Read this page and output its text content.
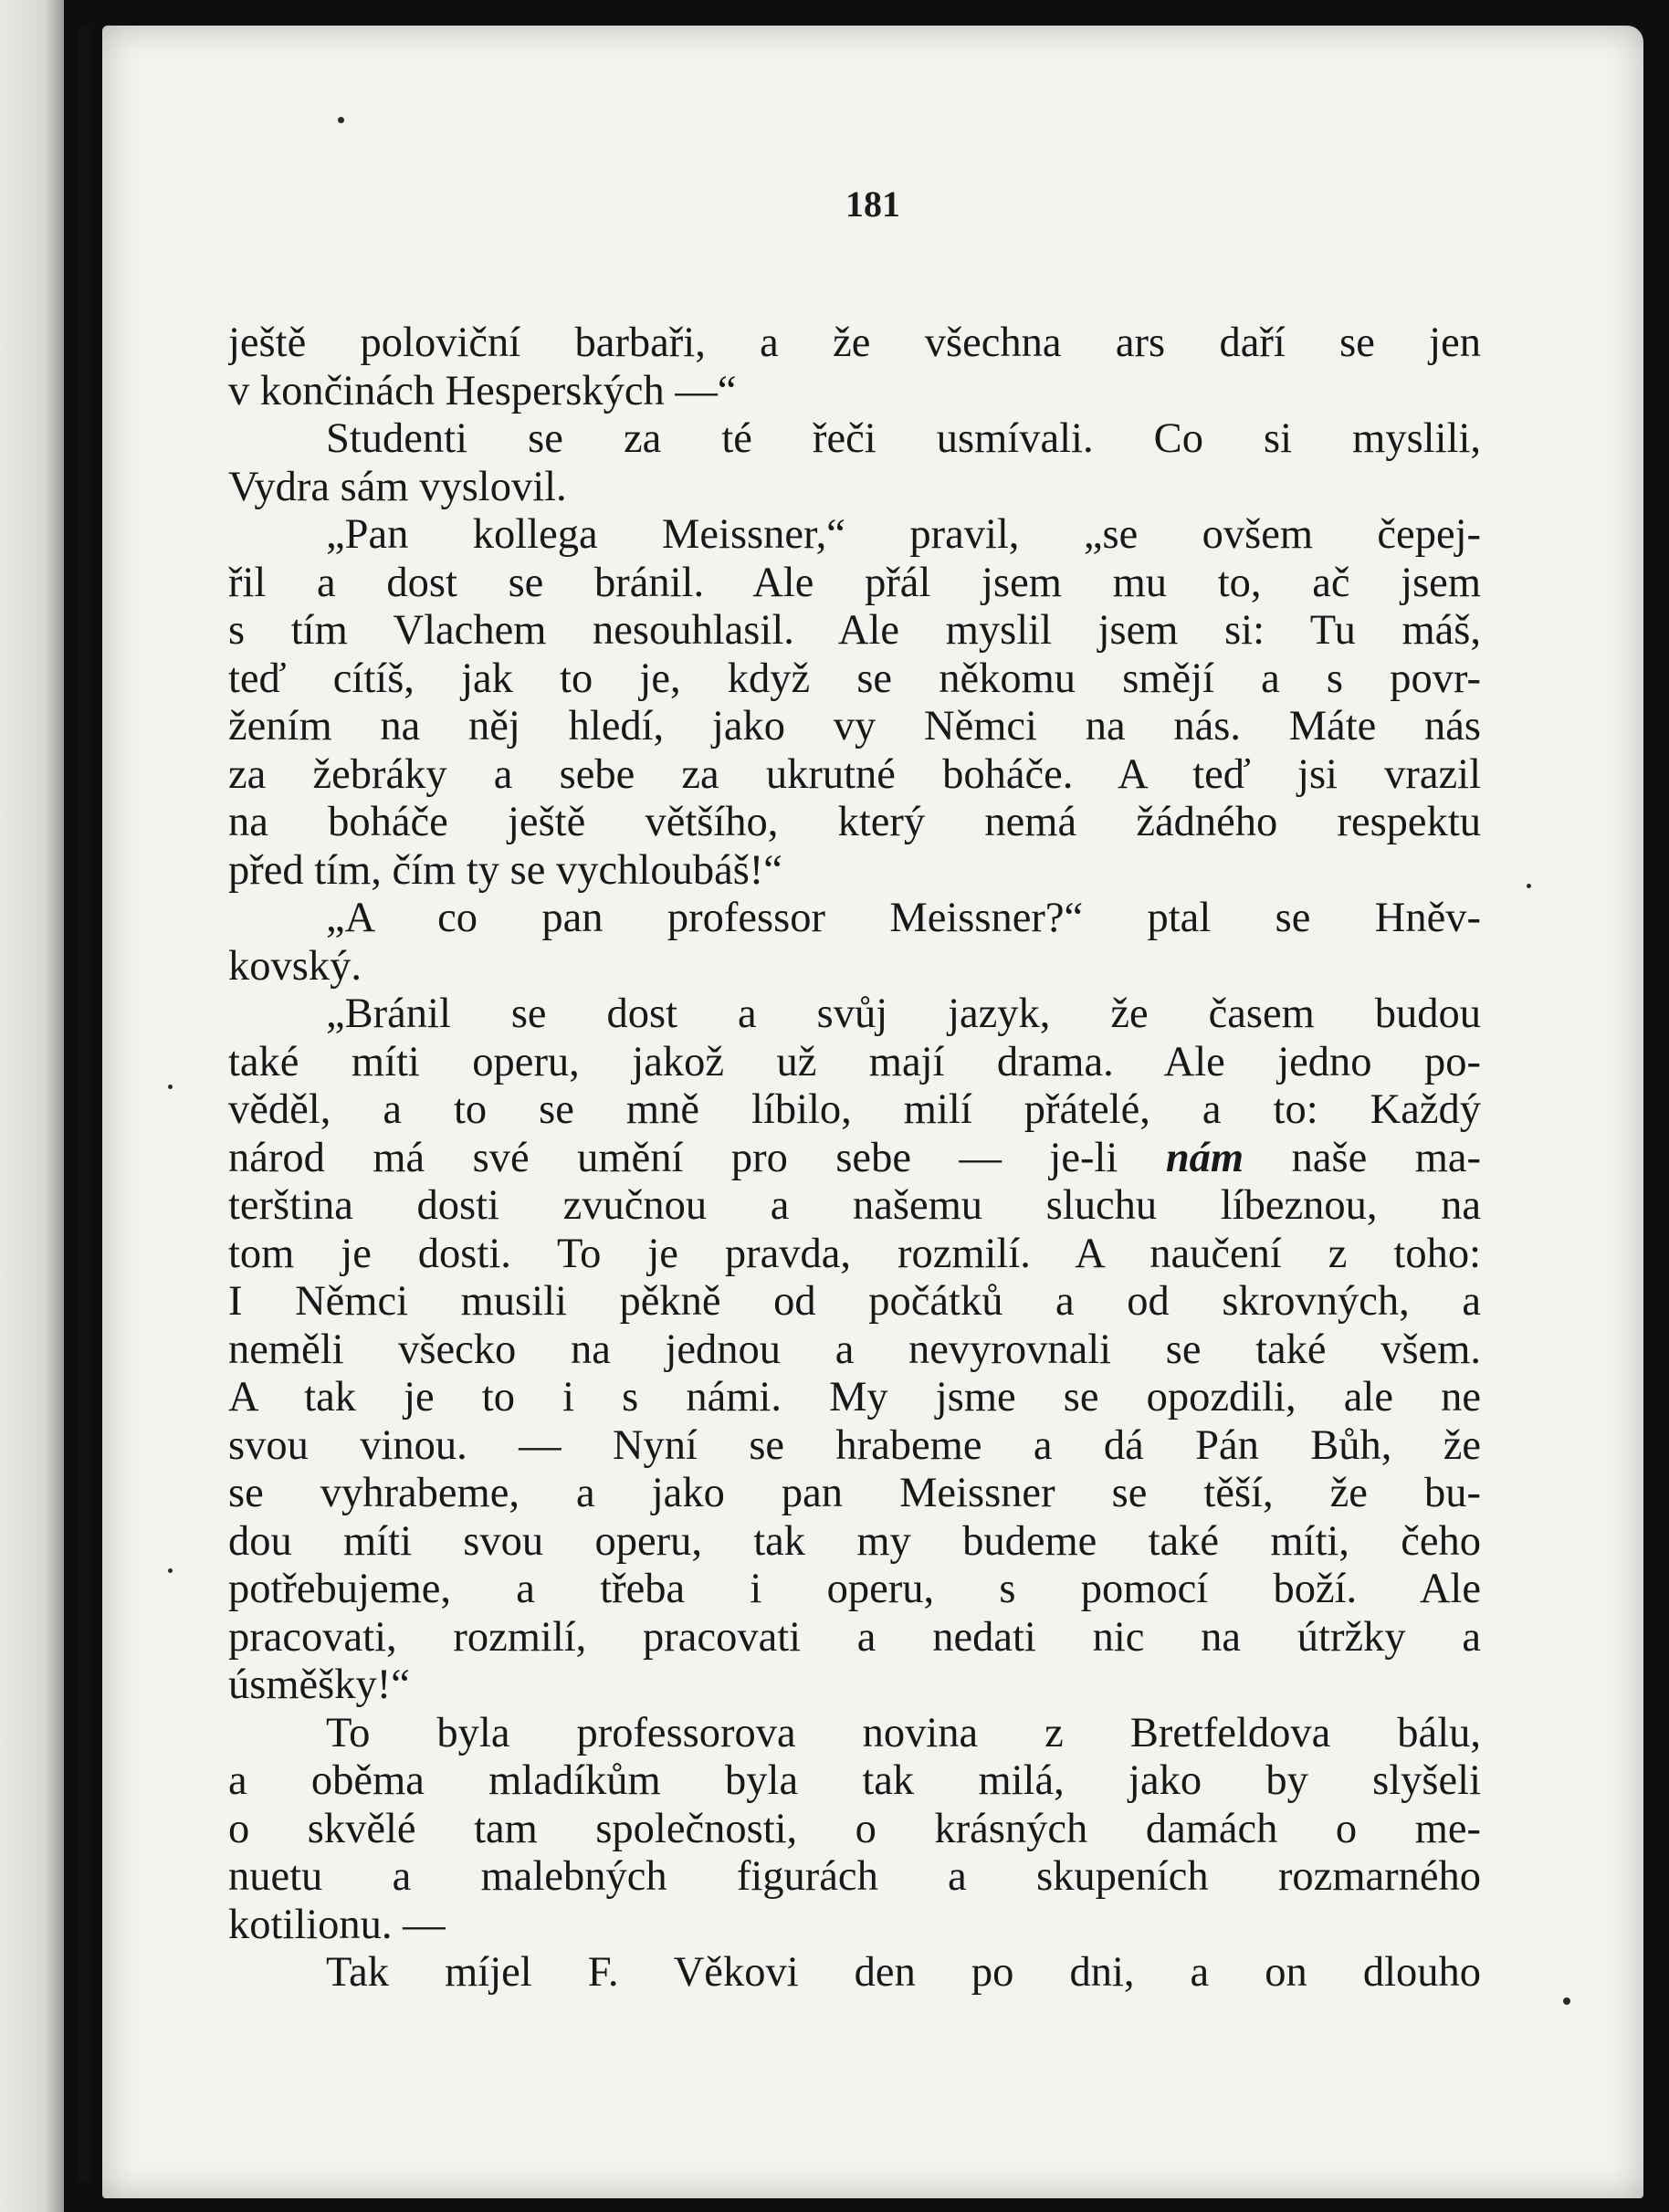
181
ještě poloviční barbaři, a že všechna ars daří se jen
v končinách Hesperských —“
Studenti se za té řeči usmívali. Co si myslili,
Vydra sám vyslovil.
„Pan kollega Meissner,“ pravil, „se ovšem čepej-
řil a dost se bránil. Ale přál jsem mu to, ač jsem
s tím Vlachem nesouhlasil. Ale myslil jsem si: Tu máš,
teď cítíš, jak to je, když se někomu smějí a s povr-
žením na něj hledí, jako vy Němci na nás. Máte nás
za žebráky a sebe za ukrutné boháče. A teď jsi vrazil
na boháče ještě většího, který nemá žádného respektu
před tím, čím ty se vychloubáš!“
„A co pan professor Meissner?“ ptal se Hněv-
kovský.
„Bránil se dost a svůj jazyk, že časem budou
také míti operu, jakož už mají drama. Ale jedno po-
věděl, a to se mně líbilo, milí přátelé, a to: Každý
národ má své umění pro sebe — je-li nám naše ma-
terština dosti zvučnou a našemu sluchu líbeznou, na
tom je dosti. To je pravda, rozmilí. A naučení z toho:
I Němci musili pěkně od počátků a od skrovných, a
neměli všecko na jednou a nevyrovnali se také všem.
A tak je to i s námi. My jsme se opozdili, ale ne
svou vinou. — Nyní se hrabeme a dá Pán Bůh, že
se vyhrabeme, a jako pan Meissner se těší, že bu-
dou míti svou operu, tak my budeme také míti, čeho
potřebujeme, a třeba i operu, s pomocí boží. Ale
pracovati, rozmilí, pracovati a nedati nic na útržky a
úsměšky!“
To byla professorova novina z Bretfeldova bálu,
a oběma mladíkům byla tak milá, jako by slyšeli
o skvělé tam společnosti, o krásných damách o me-
nuetu a malebných figurách a skupeních rozmarného
kotilionu. —
Tak míjel F. Věkovi den po dni, a on dlouho
